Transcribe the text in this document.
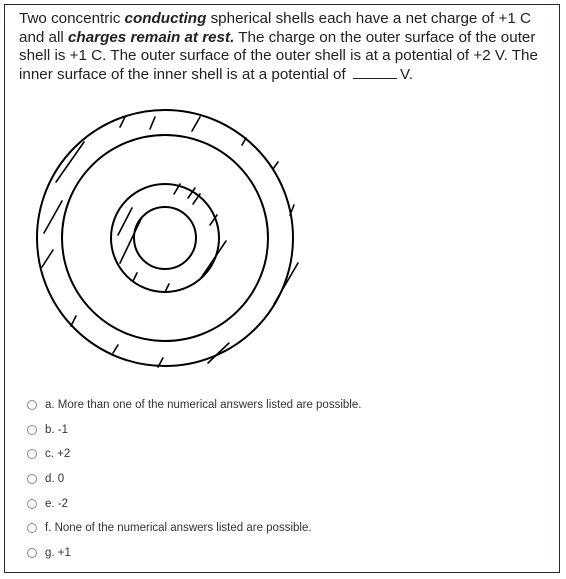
Two concentric conducting spherical shells each have a net charge of +1 C and all charges remain at rest. The charge on the outer surface of the outer shell is +1 C. The outer surface of the outer shell is at a potential of +2 V. The inner surface of the inner shell is at a potential of	V.

a. More than one of the numerical answers listed are possible.
b. -1
c. +2
d. 0
e. -2
f. None of the numerical answers listed are possible.
g. +1
